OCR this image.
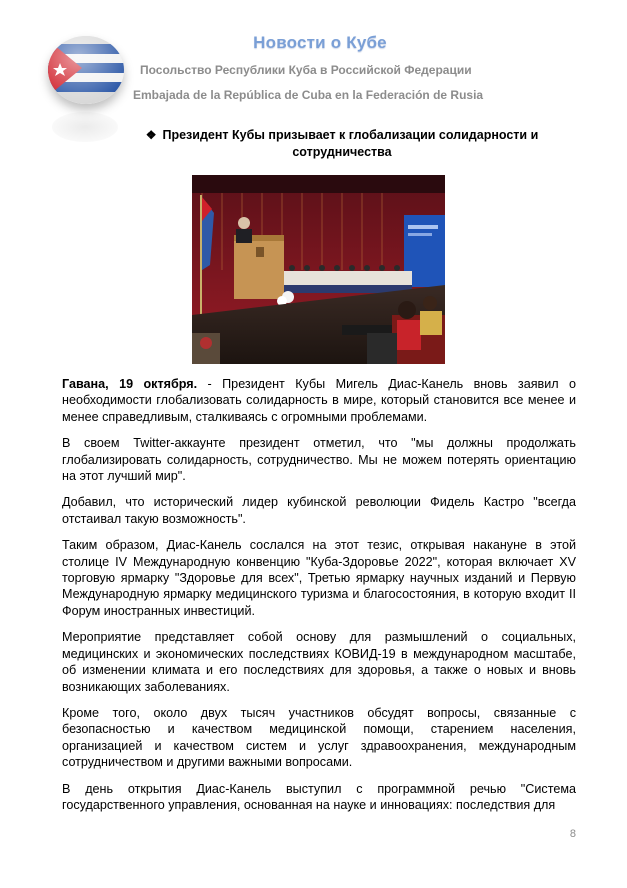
Новости о Кубе
Посольство Республики Куба в Российской Федерации
Embajada de la República de Cuba en la Federación de Rusia
❖ Президент Кубы призывает к глобализации солидарности и сотрудничества

Гавана, 19 октября. - Президент Кубы Мигель Диас-Канель вновь заявил о необходимости глобализовать солидарность в мире, который становится все менее и менее справедливым, сталкиваясь с огромными проблемами.

В своем Twitter-аккаунте президент отметил, что "мы должны продолжать глобализировать солидарность, сотрудничество. Мы не можем потерять ориентацию на этот лучший мир".

Добавил, что исторический лидер кубинской революции Фидель Кастро "всегда отстаивал такую возможность".

Таким образом, Диас-Канель сослался на этот тезис, открывая накануне в этой столице IV Международную конвенцию "Куба-Здоровье 2022", которая включает XV торговую ярмарку "Здоровье для всех", Третью ярмарку научных изданий и Первую Международную ярмарку медицинского туризма и благосостояния, в которую входит II Форум иностранных инвестиций.

Мероприятие представляет собой основу для размышлений о социальных, медицинских и экономических последствиях КОВИД-19 в международном масштабе, об изменении климата и его последствиях для здоровья, а также о новых и вновь возникающих заболеваниях.

Кроме того, около двух тысяч участников обсудят вопросы, связанные с безопасностью и качеством медицинской помощи, старением населения, организацией и качеством систем и услуг здравоохранения, международным сотрудничеством и другими важными вопросами.

В день открытия Диас-Канель выступил с программной речью "Система государственного управления, основанная на науке и инновациях: последствия для

8
